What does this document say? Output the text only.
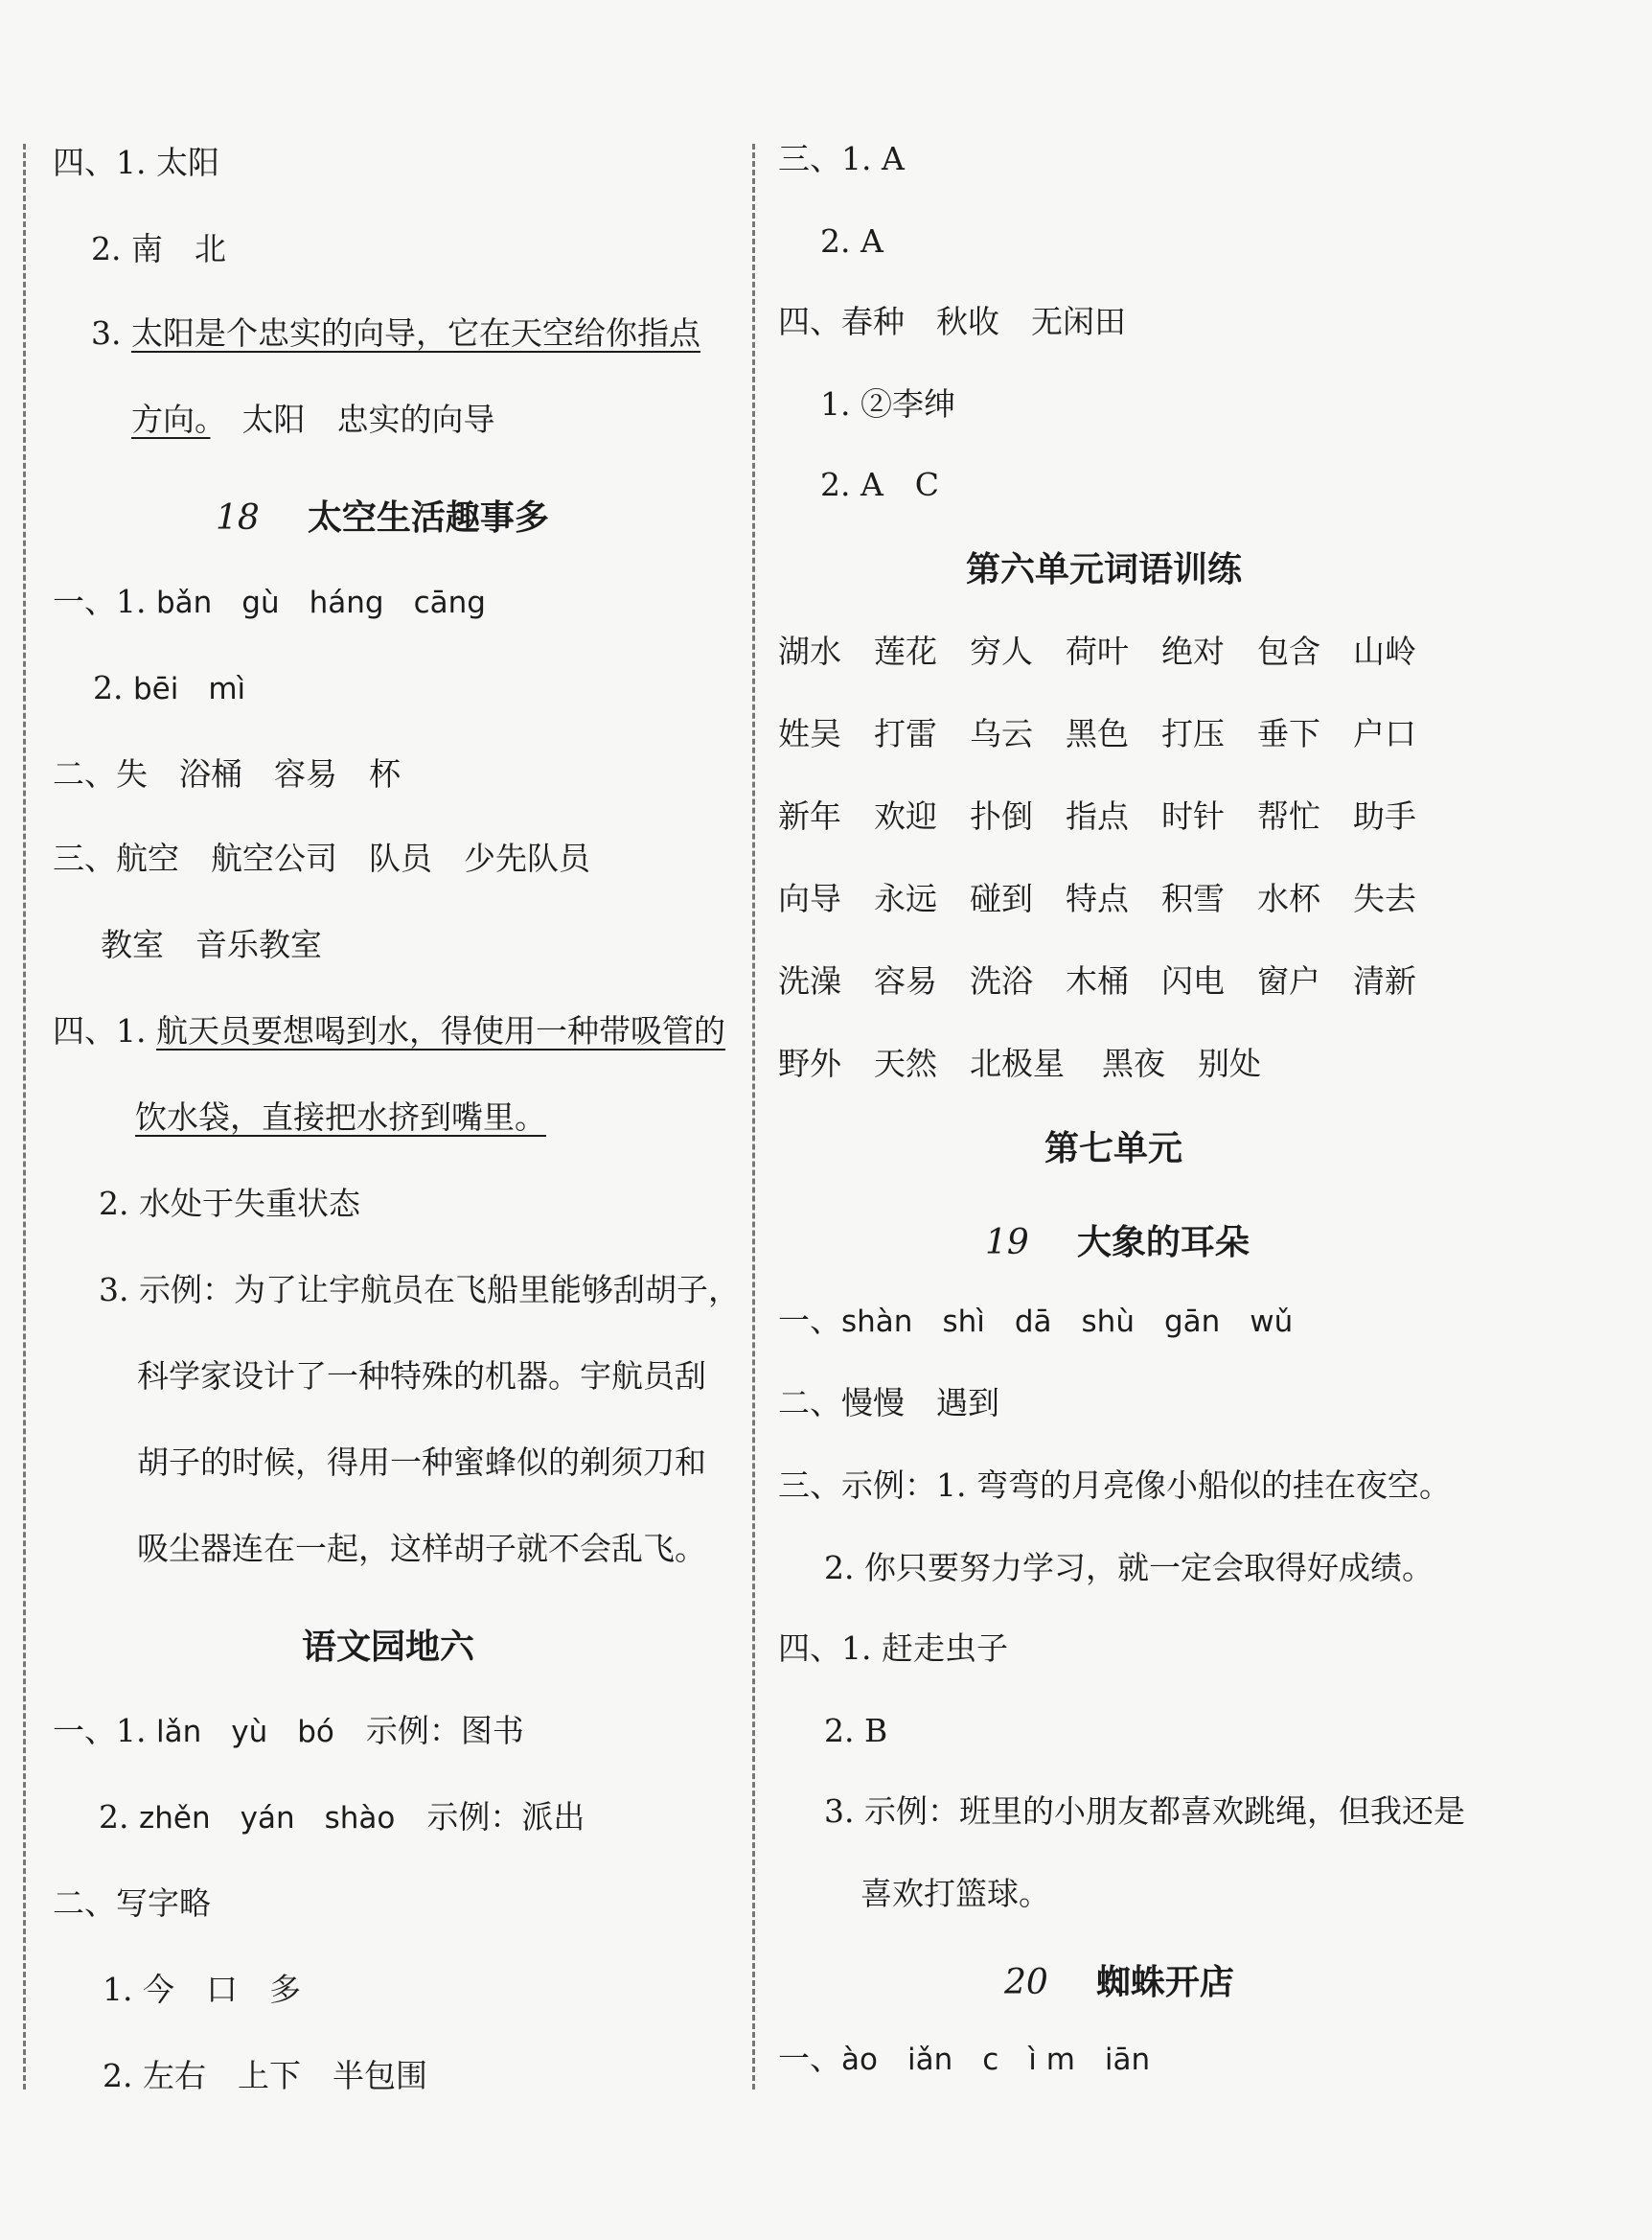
四、1. 太阳
2. 南　北
3. 太阳是个忠实的向导，它在天空给你指点
方向。　太阳　忠实的向导
18 太空生活趣事多
一、1. bǎn　gù　háng　cāng
2. bēi　mì
二、失　浴桶　容易　杯
三、航空　航空公司　队员　少先队员
教室　音乐教室
四、1. 航天员要想喝到水，得使用一种带吸管的
饮水袋，直接把水挤到嘴里。
2. 水处于失重状态
3. 示例：为了让宇航员在飞船里能够刮胡子，
科学家设计了一种特殊的机器。宇航员刮
胡子的时候，得用一种蜜蜂似的剃须刀和
吸尘器连在一起，这样胡子就不会乱飞。
语文园地六
一、1. lǎn　yù　bó　示例：图书
2. zhěn　yán　shào　示例：派出
二、写字略
1. 今　口　多
2. 左右　上下　半包围
三、1. A
2. A
四、春种　秋收　无闲田
1. ②李绅
2. A　C
第六单元词语训练
湖水 莲花 穷人 荷叶 绝对 包含 山岭
姓吴 打雷 乌云 黑色 打压 垂下 户口
新年 欢迎 扑倒 指点 时针 帮忙 助手
向导 永远 碰到 特点 积雪 水杯 失去
洗澡 容易 洗浴 木桶 闪电 窗户 清新
野外 天然 北极星 黑夜 别处
第七单元
19 大象的耳朵
一、shàn　shì　dā　shù　gān　wǔ
二、慢慢　遇到
三、示例：1. 弯弯的月亮像小船似的挂在夜空。
2. 你只要努力学习，就一定会取得好成绩。
四、1. 赶走虫子
2. B
3. 示例：班里的小朋友都喜欢跳绳，但我还是
喜欢打篮球。
20 蜘蛛开店
一、ào　iǎn　c　ì m　iān
